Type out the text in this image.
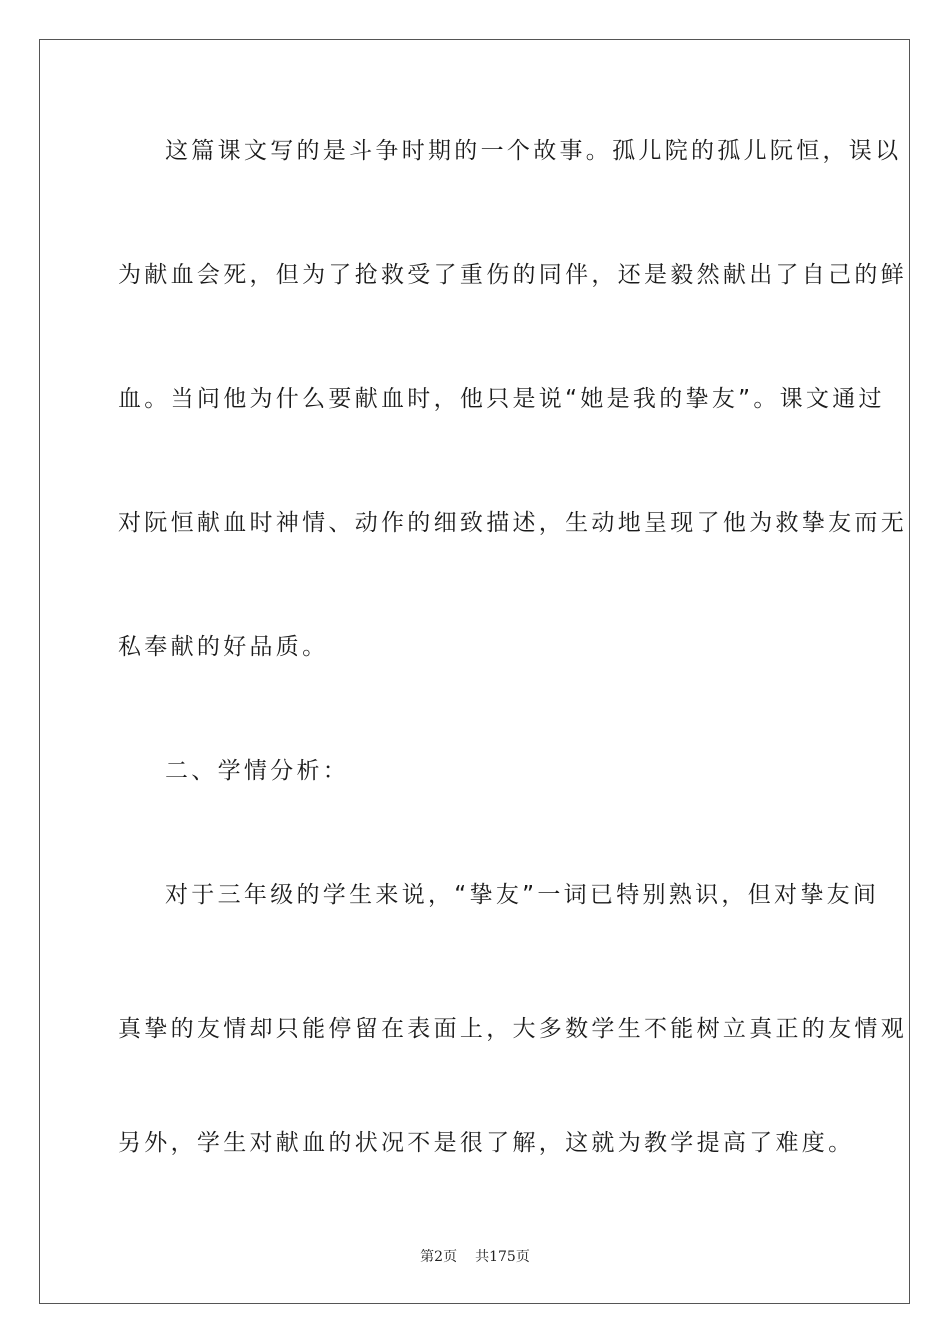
这篇课文写的是斗争时期的一个故事。孤儿院的孤儿阮恒，误以
为献血会死，但为了抢救受了重伤的同伴，还是毅然献出了自己的鲜
血。当问他为什么要献血时，他只是说“她是我的挚友”。课文通过
对阮恒献血时神情、动作的细致描述，生动地呈现了他为救挚友而无
私奉献的好品质。
二、学情分析：
对于三年级的学生来说，“挚友”一词已特别熟识，但对挚友间
真挚的友情却只能停留在表面上，大多数学生不能树立真正的友情观
另外，学生对献血的状况不是很了解，这就为教学提高了难度。
第2页 共175页
